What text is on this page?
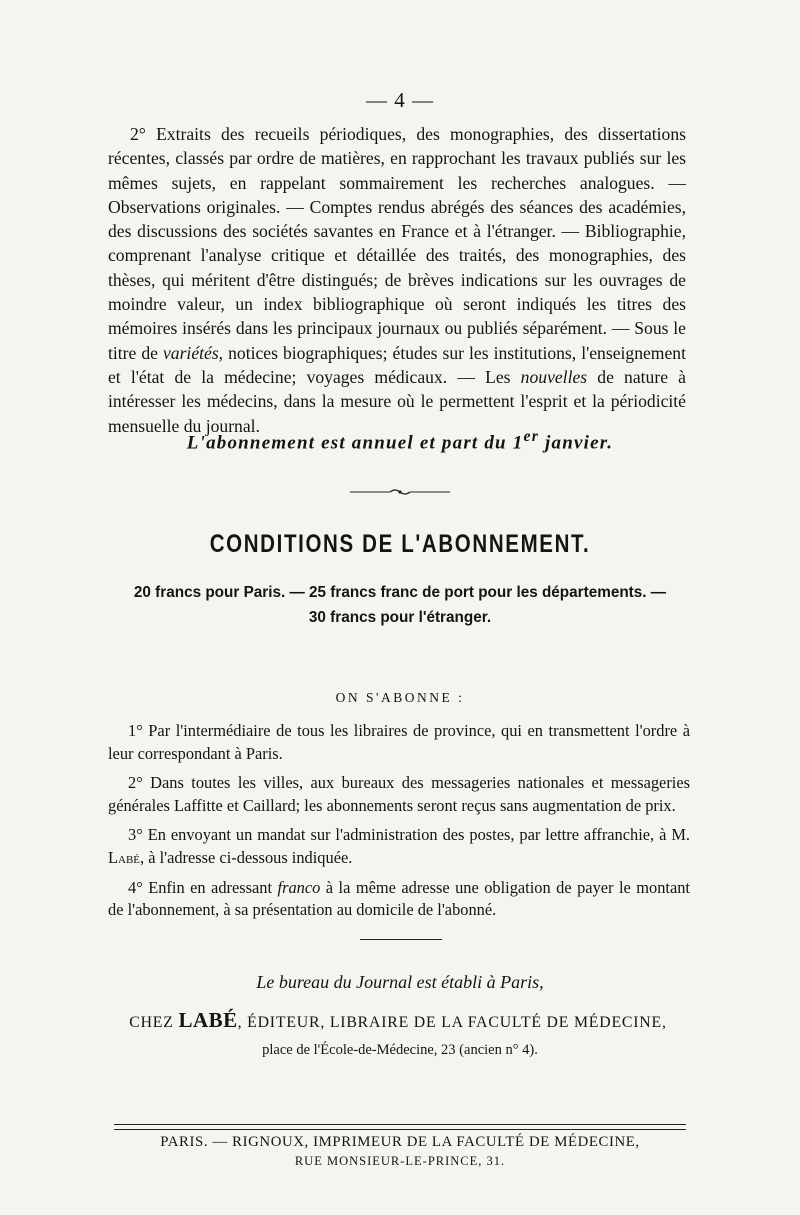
— 4 —

2° Extraits des recueils périodiques, des monographies, des dissertations récentes, classés par ordre de matières, en rapprochant les travaux publiés sur les mêmes sujets, en rappelant sommairement les recherches analogues. — Observations originales. — Comptes rendus abrégés des séances des académies, des discussions des sociétés savantes en France et à l'étranger. — Bibliographie, comprenant l'analyse critique et détaillée des traités, des monographies, des thèses, qui méritent d'être distingués; de brèves indications sur les ouvrages de moindre valeur, un index bibliographique où seront indiqués les titres des mémoires insérés dans les principaux journaux ou publiés séparément. — Sous le titre de variétés, notices biographiques; études sur les institutions, l'enseignement et l'état de la médecine; voyages médicaux. — Les nouvelles de nature à intéresser les médecins, dans la mesure où le permettent l'esprit et la périodicité mensuelle du journal.

L'abonnement est annuel et part du 1er janvier.
CONDITIONS DE L'ABONNEMENT.
20 francs pour Paris. — 25 francs franc de port pour les départements. —
30 francs pour l'étranger.
ON S'ABONNE :

1° Par l'intermédiaire de tous les libraires de province, qui en transmettent l'ordre à leur correspondant à Paris.

2° Dans toutes les villes, aux bureaux des messageries nationales et messageries générales Laffitte et Caillard; les abonnements seront reçus sans augmentation de prix.

3° En envoyant un mandat sur l'administration des postes, par lettre affranchie, à M. Labé, à l'adresse ci-dessous indiquée.

4° Enfin en adressant franco à la même adresse une obligation de payer le montant de l'abonnement, à sa présentation au domicile de l'abonné.

Le bureau du Journal est établi à Paris,
CHEZ LABÉ, ÉDITEUR, LIBRAIRE DE LA FACULTÉ DE MÉDECINE,
place de l'École-de-Médecine, 23 (ancien n° 4).
PARIS. — RIGNOUX, IMPRIMEUR DE LA FACULTÉ DE MÉDECINE,
RUE MONSIEUR-LE-PRINCE, 31.
